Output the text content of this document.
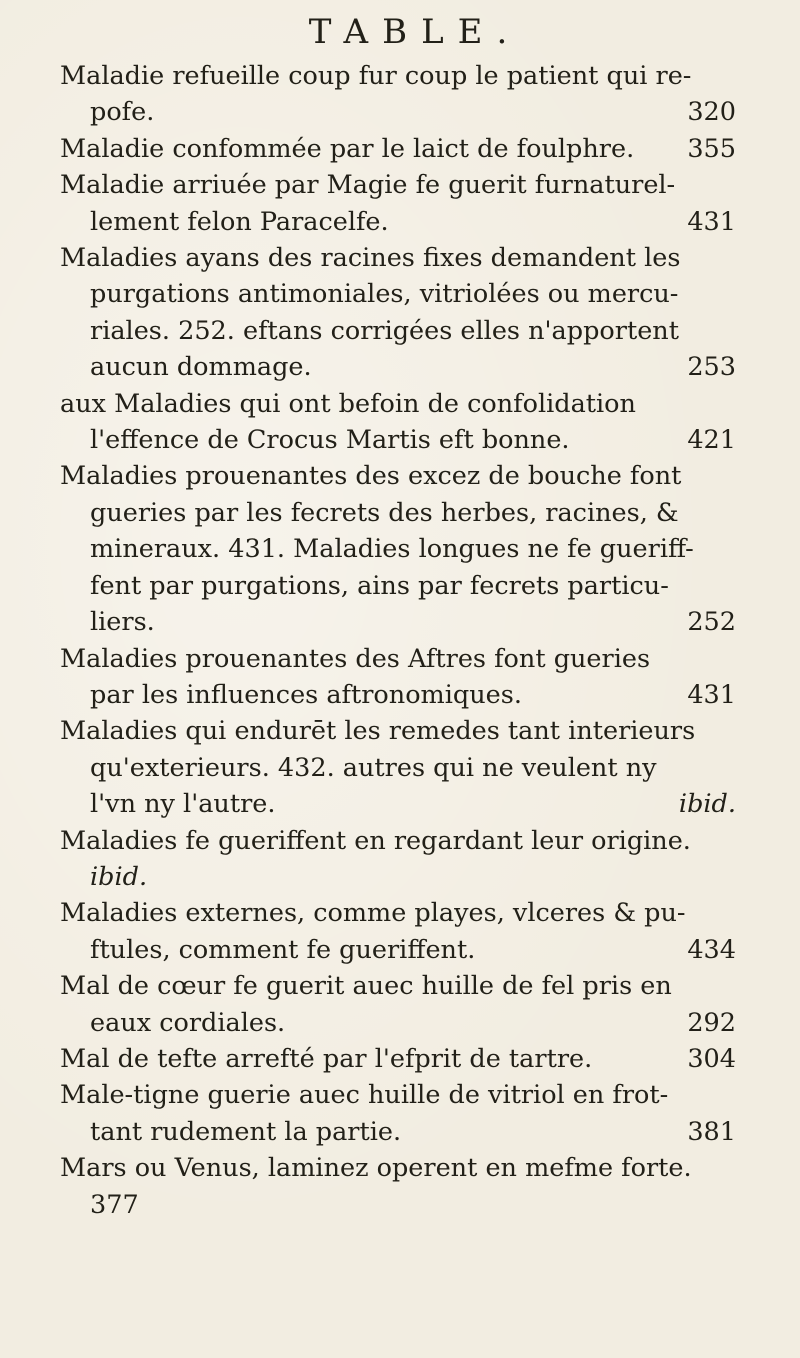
TABLE.
Maladie refueille coup fur coup le patient qui re-
320
pofe.
355
Maladie confommée par le laict de foulphre.
Maladie arriuée par Magie fe guerit furnaturel-
431
lement felon Paracelfe.
Maladies ayans des racines fixes demandent les
purgations antimoniales, vitriolées ou mercu-
riales. 252. eftans corrigées elles n'apportent
253
aucun dommage.
aux Maladies qui ont befoin de confolidation
421
l'effence de Crocus Martis eft bonne.
Maladies prouenantes des excez de bouche font
gueries par les fecrets des herbes, racines, &
mineraux. 431. Maladies longues ne fe gueriff-
fent par purgations, ains par fecrets particu-
252
liers.
Maladies prouenantes des Aftres font gueries
431
par les influences aftronomiques.
Maladies qui endurēt les remedes tant interieurs
qu'exterieurs. 432. autres qui ne veulent ny
ibid.
l'vn ny l'autre.
Maladies fe gueriffent en regardant leur origine.
ibid.
Maladies externes, comme playes, vlceres & pu-
434
ftules, comment fe gueriffent.
Mal de cœur fe guerit auec huille de fel pris en
292
eaux cordiales.
304
Mal de tefte arrefté par l'efprit de tartre.
Male-tigne guerie auec huille de vitriol en frot-
381
tant rudement la partie.
Mars ou Venus, laminez operent en mefme forte.
377
